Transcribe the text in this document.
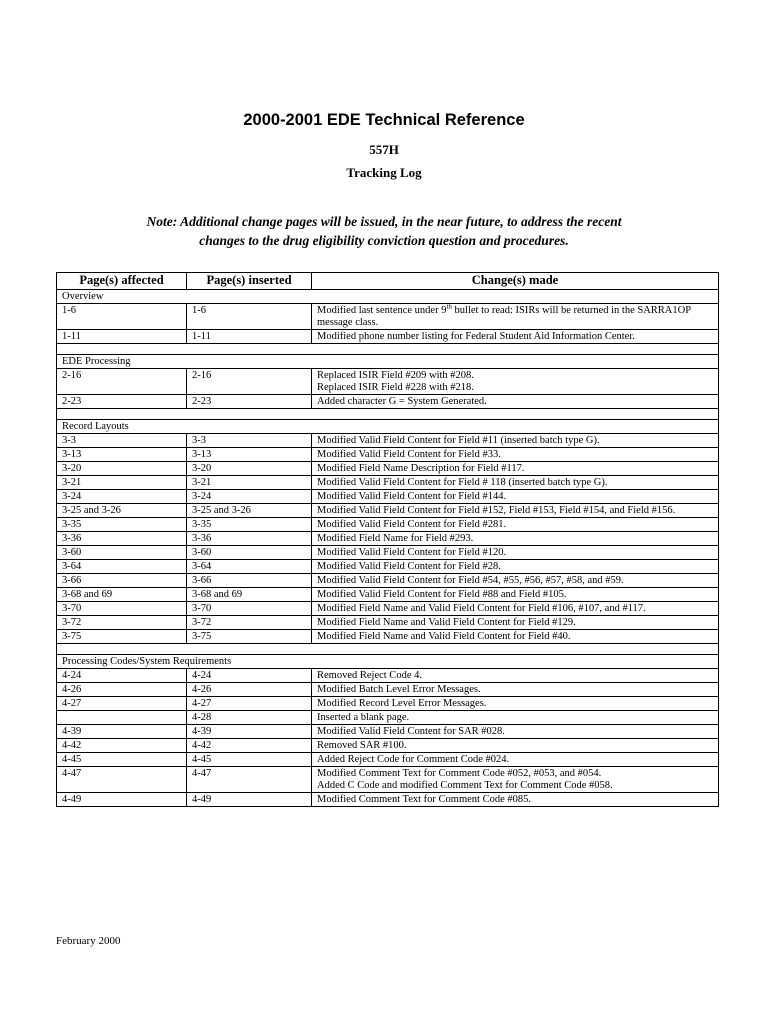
2000-2001 EDE Technical Reference
557H
Tracking Log

Note: Additional change pages will be issued, in the near future, to address the recent

changes to the drug eligibility conviction question and procedures.

Page(s) affected	Page(s) inserted	Change(s) made
Overview		
1-6	1-6	Modified last sentence under 9th bullet to read: ISIRs will be returned in the SARRA1OP message class.

1-11	1-11	Modified phone number listing for Federal Student Aid Information Center.

EDE Processing		
2-16	2-16	Replaced ISIR Field #209 with #208.
Replaced ISIR Field #228 with #218.

2-23	2-23	Added character G = System Generated.

Record Layouts		
3-3	3-3	Modified Valid Field Content for Field #11 (inserted batch type G).

3-13	3-13	Modified Valid Field Content for Field #33.

3-20	3-20	Modified Field Name Description for Field #117.

3-21	3-21	Modified Valid Field Content for Field # 118 (inserted batch type G).

3-24	3-24	Modified Valid Field Content for Field #144.

3-25 and 3-26	3-25 and 3-26	Modified Valid Field Content for Field #152, Field #153, Field #154, and Field #156.

3-35	3-35	Modified Valid Field Content for Field #281.

3-36	3-36	Modified Field Name for Field #293.

3-60	3-60	Modified Valid Field Content for Field #120.

3-64	3-64	Modified Valid Field Content for Field #28.

3-66	3-66	Modified Valid Field Content for Field #54, #55, #56, #57, #58, and #59.

3-68 and 69	3-68 and 69	Modified Valid Field Content for Field #88 and Field #105.

3-70	3-70	Modified Field Name and Valid Field Content for Field #106, #107, and #117.

3-72	3-72	Modified Field Name and Valid Field Content for Field #129.

3-75	3-75	Modified Field Name and Valid Field Content for Field #40.

Processing Codes/System Requirements		
4-24	4-24	Removed Reject Code 4.

4-26	4-26	Modified Batch Level Error Messages.

4-27	4-27	Modified Record Level Error Messages.

	4-28	Inserted a blank page.

4-39	4-39	Modified Valid Field Content for SAR #028.

4-42	4-42	Removed SAR #100.

4-45	4-45	Added Reject Code for Comment Code #024.

4-47	4-47	Modified Comment Text for Comment Code #052, #053, and #054.
Added C Code and modified Comment Text for Comment Code #058.

4-49	4-49	Modified Comment Text for Comment Code #085.
February 2000
